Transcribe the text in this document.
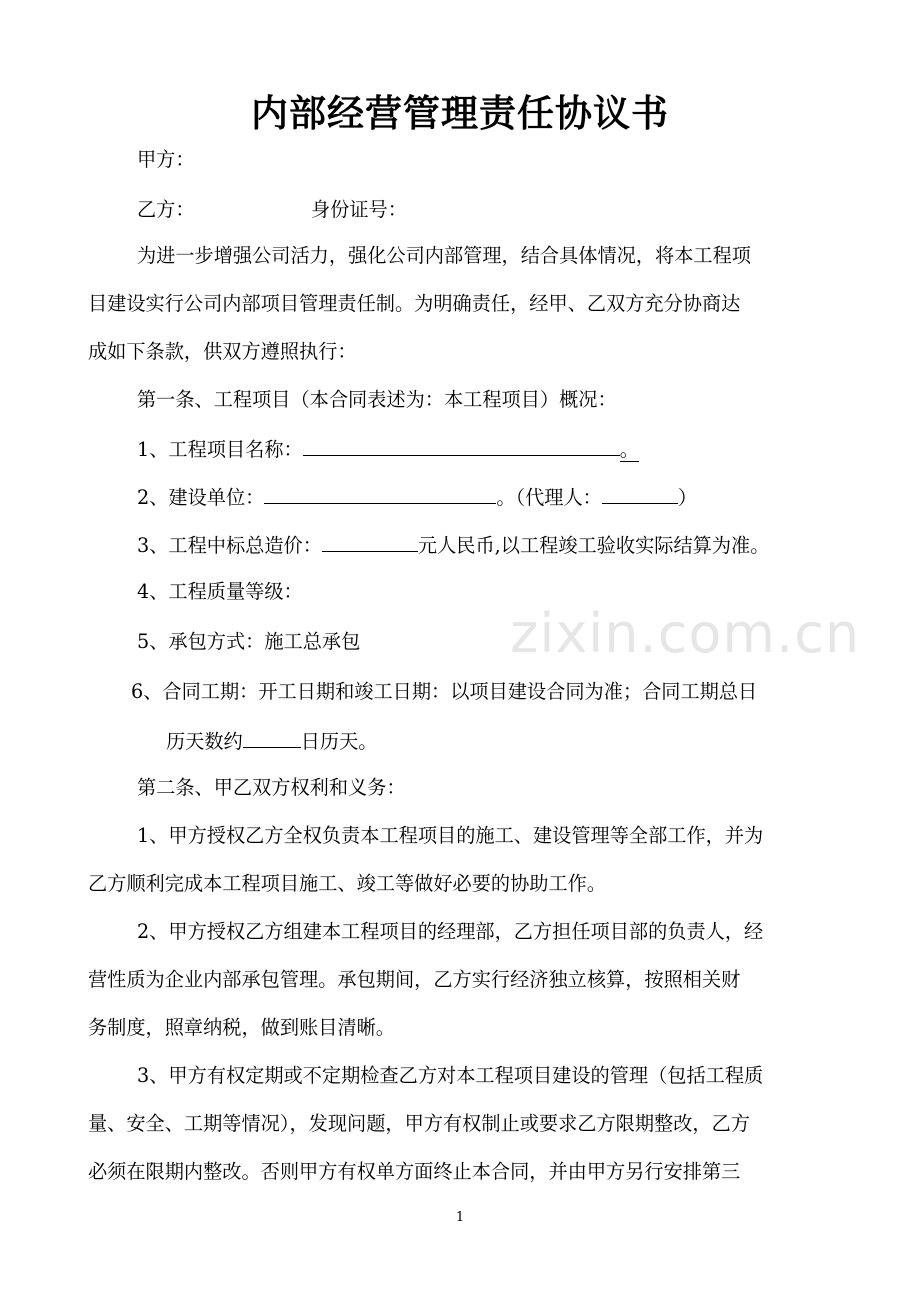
内部经营管理责任协议书
甲方：
乙方：	身份证号：
为进一步增强公司活力，强化公司内部管理，结合具体情况，将本工程项
目建设实行公司内部项目管理责任制。为明确责任，经甲、乙双方充分协商达
成如下条款，供双方遵照执行：
第一条、工程项目（本合同表述为：本工程项目）概况：
1、工程项目名称：	。
2、建设单位：	。（代理人：	）
3、工程中标总造价：	元人民币,以工程竣工验收实际结算为准。
4、工程质量等级：
5、承包方式：施工总承包
6、合同工期：开工日期和竣工日期：以项目建设合同为准；合同工期总日
历天数约	日历天。
第二条、甲乙双方权利和义务：
1、甲方授权乙方全权负责本工程项目的施工、建设管理等全部工作，并为
乙方顺利完成本工程项目施工、竣工等做好必要的协助工作。
2、甲方授权乙方组建本工程项目的经理部，乙方担任项目部的负责人，经
营性质为企业内部承包管理。承包期间，乙方实行经济独立核算，按照相关财
务制度，照章纳税，做到账目清晰。
3、甲方有权定期或不定期检查乙方对本工程项目建设的管理（包括工程质
量、安全、工期等情况），发现问题，甲方有权制止或要求乙方限期整改，乙方
必须在限期内整改。否则甲方有权单方面终止本合同，并由甲方另行安排第三
zixin.com.cn
1
